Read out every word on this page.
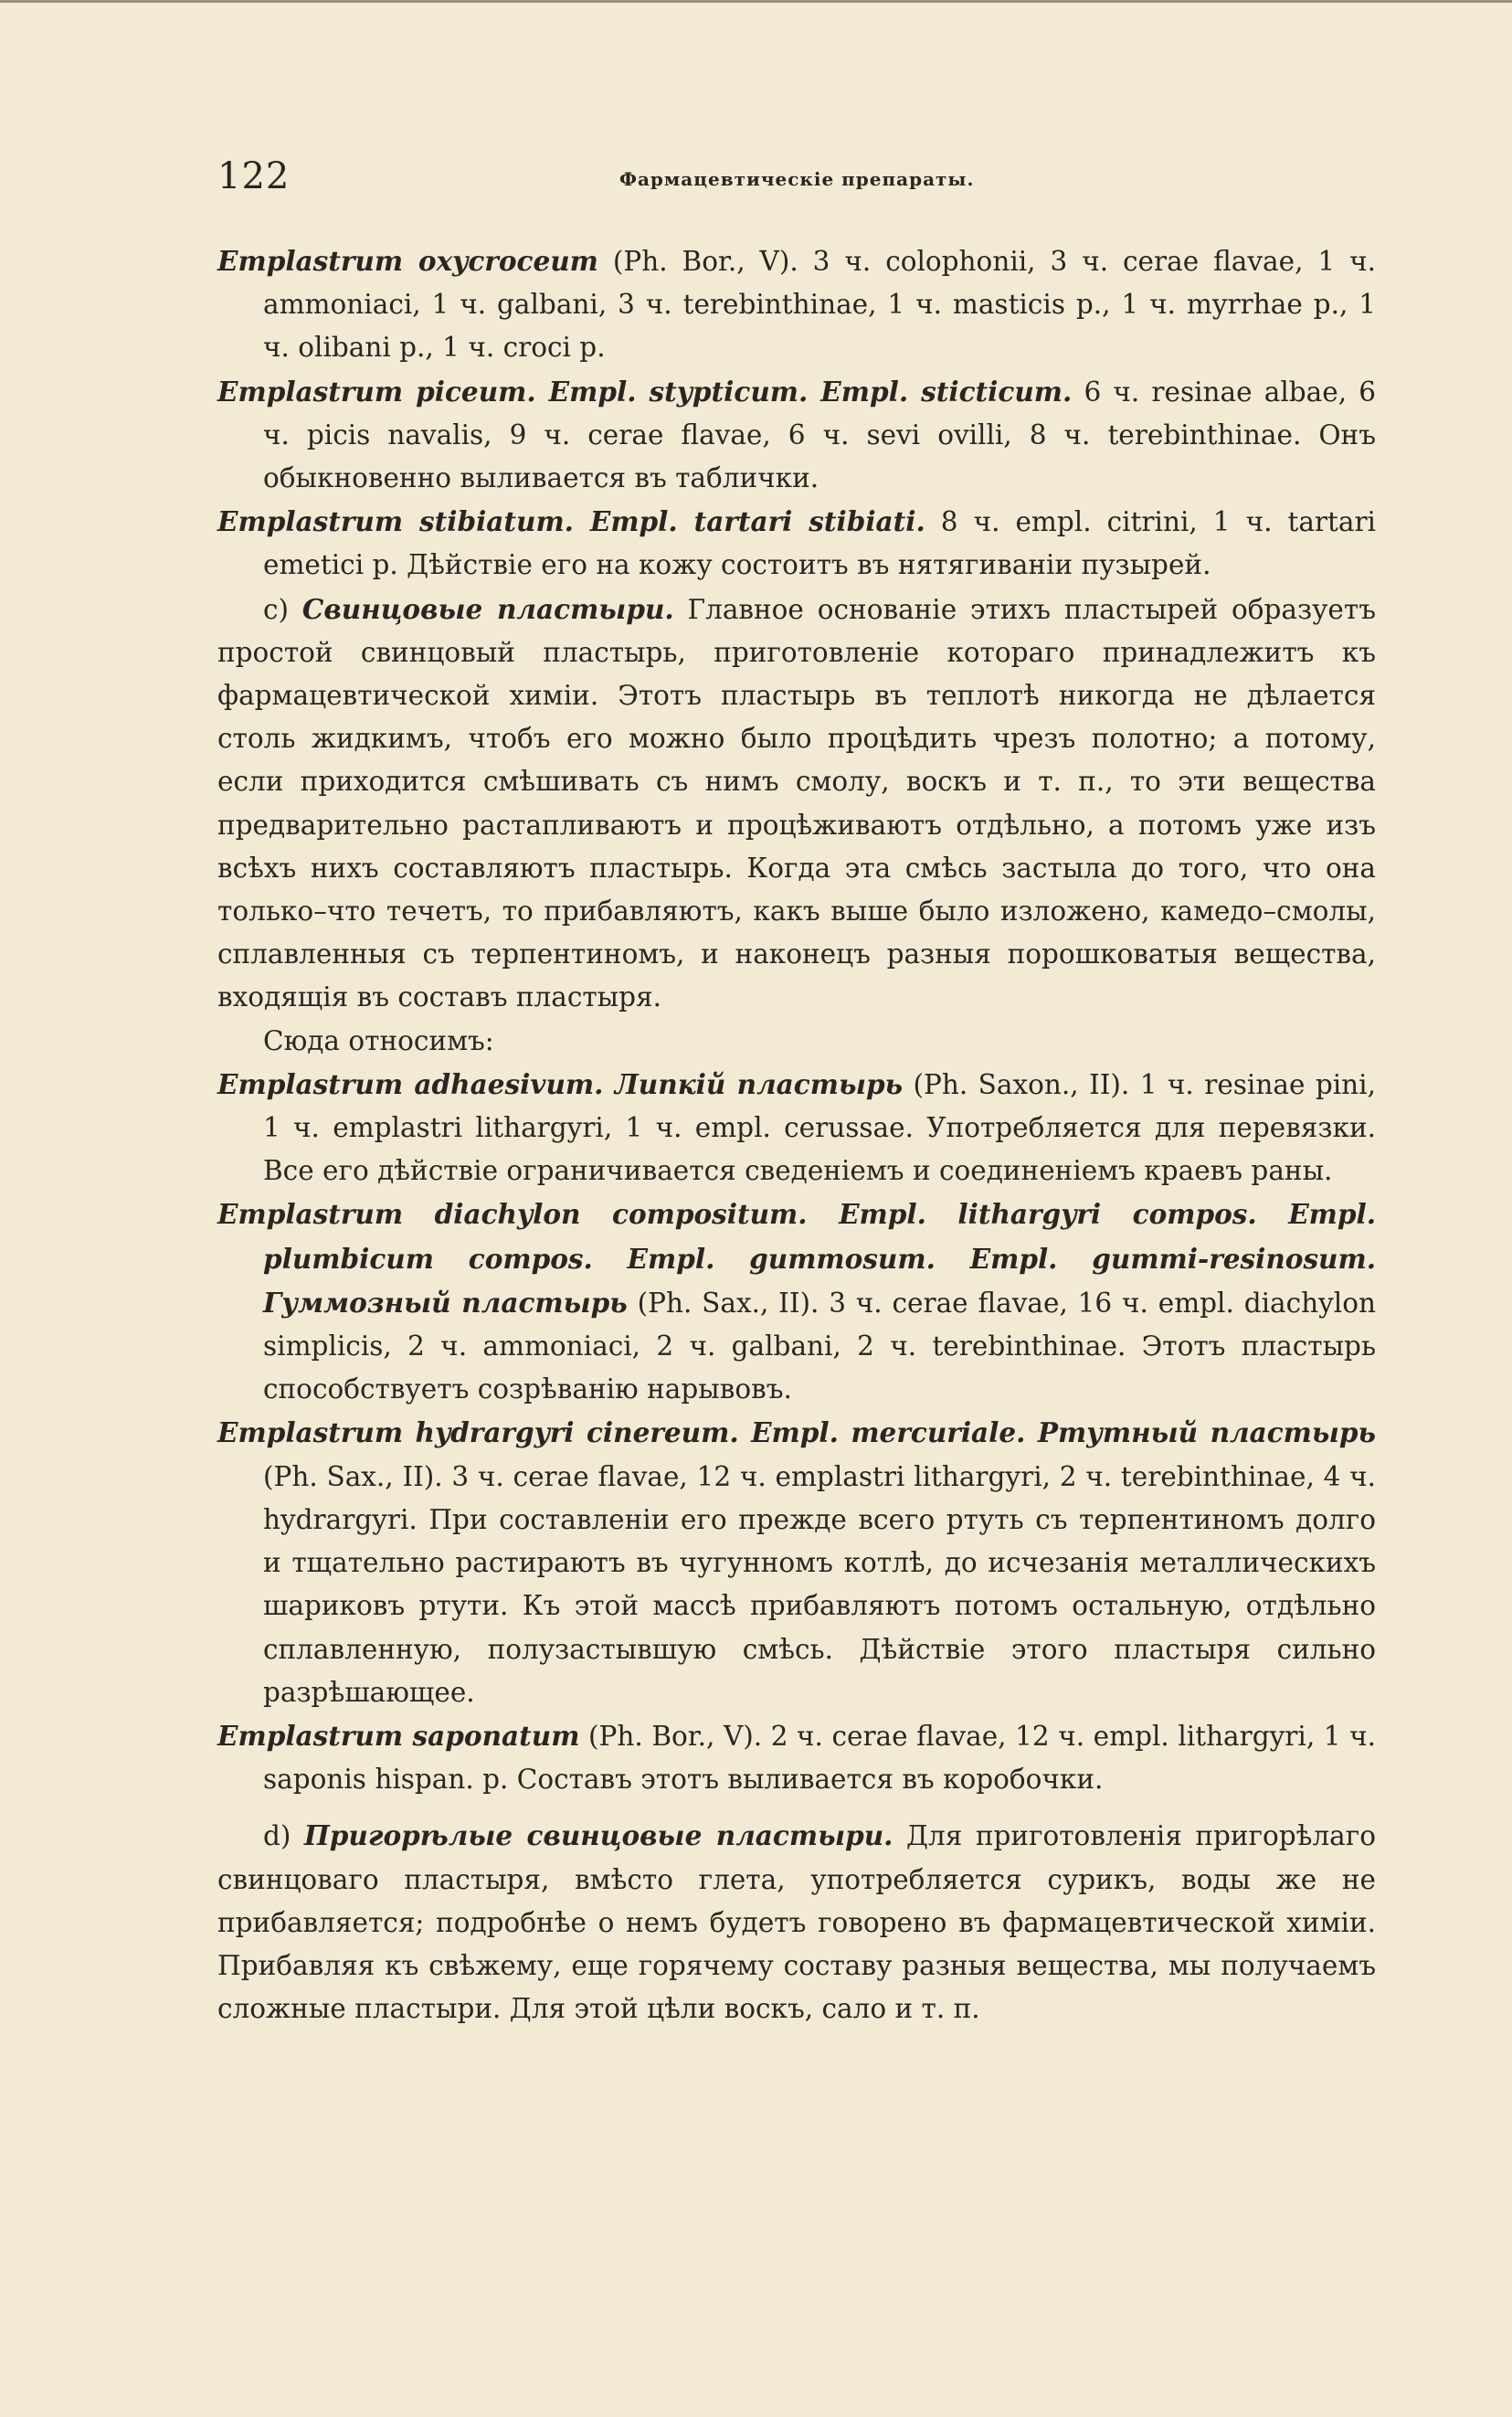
122	Фармацевтическіе препараты.

Emplastrum oxycroceum (Ph. Bor., V). 3 ч. colophonii, 3 ч. cerae flavae, 1 ч. ammoniaci, 1 ч. galbani, 3 ч. terebinthinae, 1 ч. masticis p., 1 ч. myrrhae p., 1 ч. olibani p., 1 ч. croci p.

Emplastrum piceum. Empl. stypticum. Empl. sticticum. 6 ч. resinae albae, 6 ч. picis navalis, 9 ч. cerae flavae, 6 ч. sevi ovilli, 8 ч. terebinthinae. Онъ обыкновенно выливается въ таблички.

Emplastrum stibiatum. Empl. tartari stibiati. 8 ч. empl. citrini, 1 ч. tartari emetici p. Дѣйствіе его на кожу состоитъ въ нятягиваніи пузырей.

c) Свинцовые пластыри. Главное основаніе этихъ пластырей образуетъ простой свинцовый пластырь, приготовленіе котораго принадлежитъ къ фармацевтической химіи. Этотъ пластырь въ теплотѣ никогда не дѣлается столь жидкимъ, чтобъ его можно было процѣдить чрезъ полотно; а потому, если приходится смѣшивать съ нимъ смолу, воскъ и т. п., то эти вещества предварительно растапливаютъ и процѣживаютъ отдѣльно, а потомъ уже изъ всѣхъ нихъ составляютъ пластырь. Когда эта смѣсь застыла до того, что она только–что течетъ, то прибавляютъ, какъ выше было изложено, камедо–смолы, сплавленныя съ терпентиномъ, и наконецъ разныя порошковатыя вещества, входящія въ составъ пластыря.

Сюда относимъ:

Emplastrum adhaesivum. Липкій пластырь (Ph. Saxon., II). 1 ч. resinae pini, 1 ч. emplastri lithargyri, 1 ч. empl. cerussae. Употребляется для перевязки. Все его дѣйствіе ограничивается сведеніемъ и соединеніемъ краевъ раны.

Emplastrum diachylon compositum. Empl. lithargyri compos. Empl. plumbicum compos. Empl. gummosum. Empl. gummi-resinosum. Гуммозный пластырь (Ph. Sax., II). 3 ч. cerae flavae, 16 ч. empl. diachylon simplicis, 2 ч. ammoniaci, 2 ч. galbani, 2 ч. terebinthinae. Этотъ пластырь способствуетъ созрѣванію нарывовъ.

Emplastrum hydrargyri cinereum. Empl. mercuriale. Ртутный пластырь (Ph. Sax., II). 3 ч. cerae flavae, 12 ч. emplastri lithargyri, 2 ч. terebinthinae, 4 ч. hydrargyri. При составленіи его прежде всего ртуть съ терпентиномъ долго и тщательно растираютъ въ чугунномъ котлѣ, до исчезанія металлическихъ шариковъ ртути. Къ этой массѣ прибавляютъ потомъ остальную, отдѣльно сплавленную, полузастывшую смѣсь. Дѣйствіе этого пластыря сильно разрѣшающее.

Emplastrum saponatum (Ph. Bor., V). 2 ч. cerae flavae, 12 ч. empl. lithargyri, 1 ч. saponis hispan. p. Составъ этотъ выливается въ коробочки.

d) Пригорѣлые свинцовые пластыри. Для приготовленія пригорѣлаго свинцоваго пластыря, вмѣсто глета, употребляется сурикъ, воды же не прибавляется; подробнѣе о немъ будетъ говорено въ фармацевтической химіи. Прибавляя къ свѣжему, еще горячему составу разныя вещества, мы получаемъ сложные пластыри. Для этой цѣли воскъ, сало и т. п.
